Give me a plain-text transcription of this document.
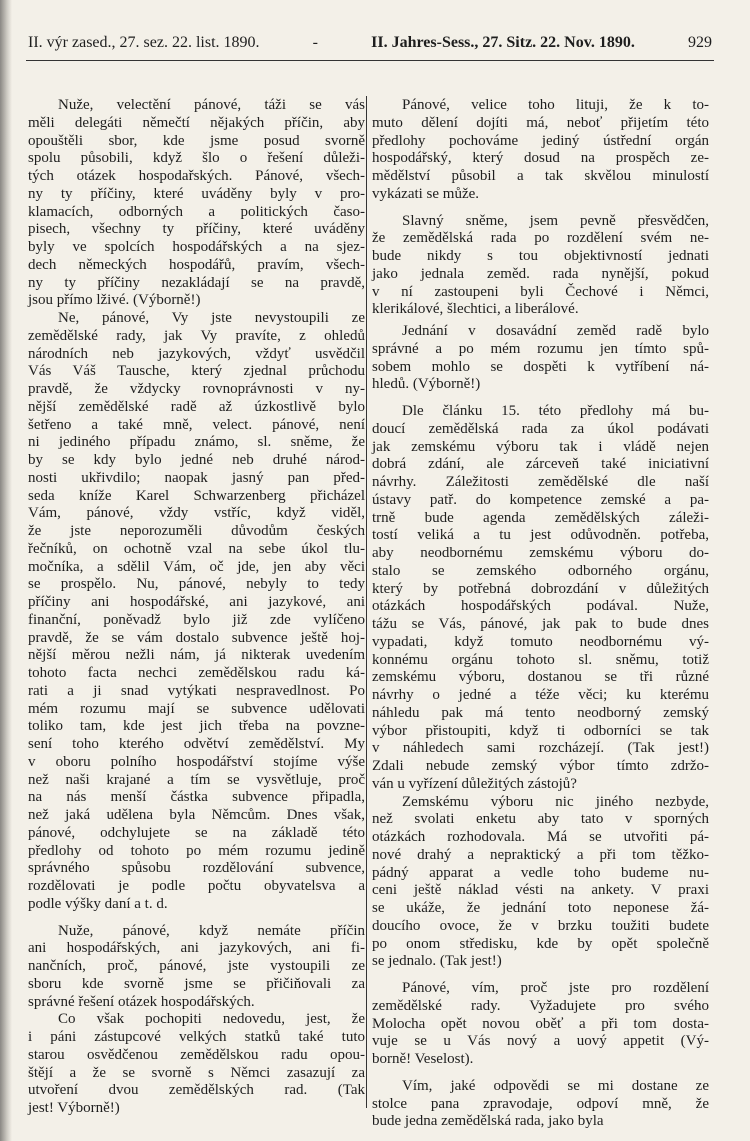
II. výr zased., 27. sez. 22. list. 1890.	-	II. Jahres-Sess., 27. Sitz. 22. Nov. 1890.	929
Nuže, velectění pánové, táži se vás
měli delegáti němečtí nějakých příčin, aby
opouštěli sbor, kde jsme posud svorně
spolu působili, když šlo o řešení důleži-
tých otázek hospodařských. Pánové, všech-
ny ty příčiny, které uváděny byly v pro-
klamacích, odborných a politických časo-
pisech, všechny ty příčiny, které uváděny
byly ve spolcích hospodářských a na sjez-
dech německých hospodářů, pravím, všech-
ny ty příčiny nezakládají se na pravdě,
jsou přímo lživé. (Výborně!)
Ne, pánové, Vy jste nevystoupili ze
zemědělské rady, jak Vy pravíte, z ohledů
národních neb jazykových, vždyť usvědčil
Vás Váš Tausche, který zjednal průchodu
pravdě, že vždycky rovnoprávnosti v ny-
nější zemědělské radě až úzkostlivě bylo
šetřeno a také mně, velect. pánové, není
ni jediného případu známo, sl. sněme, že
by se kdy bylo jedné neb druhé národ-
nosti ukřivdilo; naopak jasný pan před-
seda kníže Karel Schwarzenberg přicházel
Vám, pánové, vždy vstříc, když viděl,
že jste neporozuměli důvodům českých
řečníků, on ochotně vzal na sebe úkol tlu-
močníka, a sdělil Vám, oč jde, jen aby věci
se prospělo. Nu, pánové, nebyly to tedy
příčiny ani hospodářské, ani jazykové, ani
finanční, poněvadž bylo již zde vylíčeno
pravdě, že se vám dostalo subvence ještě hoj-
nější měrou nežli nám, já nikterak uvedením
tohoto facta nechci zemědělskou radu ká-
rati a ji snad vytýkati nespravedlnost. Po
mém rozumu mají se subvence udělovati
toliko tam, kde jest jich třeba na povzne-
sení toho kterého odvětví zemědělství. My
v oboru polního hospodářství stojíme výše
než naši krajané a tím se vysvětluje, proč
na nás menší částka subvence připadla,
než jaká udělena byla Němcům. Dnes však,
pánové, odchylujete se na základě této
předlohy od tohoto po mém rozumu jedině
správného spůsobu rozdělování subvence,
rozdělovati je podle počtu obyvatelsva a
podle výšky daní a t. d.
Nuže, pánové, když nemáte příčin
ani hospodářských, ani jazykových, ani fi-
nančních, proč, pánové, jste vystoupili ze
sboru kde svorně jsme se přičiňovali za
správné řešení otázek hospodářských.
Co však pochopiti nedovedu, jest, že
i páni zástupcové velkých statků také tuto
starou osvědčenou zemědělskou radu opou-
štějí a že se svorně s Němci zasazují za
utvoření dvou zemědělských rad. (Tak
jest! Výborně!)
Pánové, velice toho lituji, že k to-
muto dělení dojíti má, neboť přijetím této
předlohy pochováme jediný ústřední orgán
hospodářský, který dosud na prospěch ze-
mědělství působil a tak skvělou minulostí
vykázati se může.
Slavný sněme, jsem pevně přesvědčen,
že zemědělská rada po rozdělení svém ne-
bude nikdy s tou objektivností jednati
jako jednala zeměd. rada nynější, pokud
v ní zastoupeni byli Čechové i Němci,
klerikálové, šlechtici, a liberálové.
Jednání v dosavádní zeměd radě bylo
správné a po mém rozumu jen tímto spů-
sobem mohlo se dospěti k vytříbení ná-
hledů. (Výborně!)
Dle článku 15. této předlohy má bu-
doucí zemědělská rada za úkol podávati
jak zemskému výboru tak i vládě nejen
dobrá zdání, ale zárceveň také iniciativní
návrhy. Záležitosti zemědělské dle naší
ústavy patř. do kompetence zemské a pa-
trně bude agenda zemědělských záleži-
tostí veliká a tu jest odůvodněn. potřeba,
aby neodbornému zemskému výboru do-
stalo se zemského odborného orgánu,
který by potřebná dobrozdání v důležitých
otázkách hospodářských podával. Nuže,
tážu se Vás, pánové, jak pak to bude dnes
vypadati, když tomuto neodbornému vý-
konnému orgánu tohoto sl. sněmu, totiž
zemskému výboru, dostanou se tři různé
návrhy o jedné a téže věci; ku kterému
náhledu pak má tento neodborný zemský
výbor přistoupiti, když ti odborníci se tak
v náhledech sami rozcházejí. (Tak jest!)
Zdali nebude zemský výbor tímto zdržo-
ván u vyřízení důležitých zástojů?
Zemskému výboru nic jiného nezbyde,
než svolati enketu aby tato v sporných
otázkách rozhodovala. Má se utvořiti pá-
nové drahý a nepraktický a při tom těžko-
pádný apparat a vedle toho budeme nu-
ceni ještě náklad vésti na ankety. V praxi
se ukáže, že jednání toto neponese žá-
doucího ovoce, že v brzku toužiti budete
po onom středisku, kde by opět společně
se jednalo. (Tak jest!)
Pánové, vím, proč jste pro rozdělení
zemědělské rady. Vyžadujete pro svého
Molocha opět novou oběť a při tom dosta-
vuje se u Vás nový a uový appetit (Vý-
borně! Veselost).
Vím, jaké odpovědi se mi dostane ze
stolce pana zpravodaje, odpoví mně, že
bude jedna zemědělská rada, jako byla
